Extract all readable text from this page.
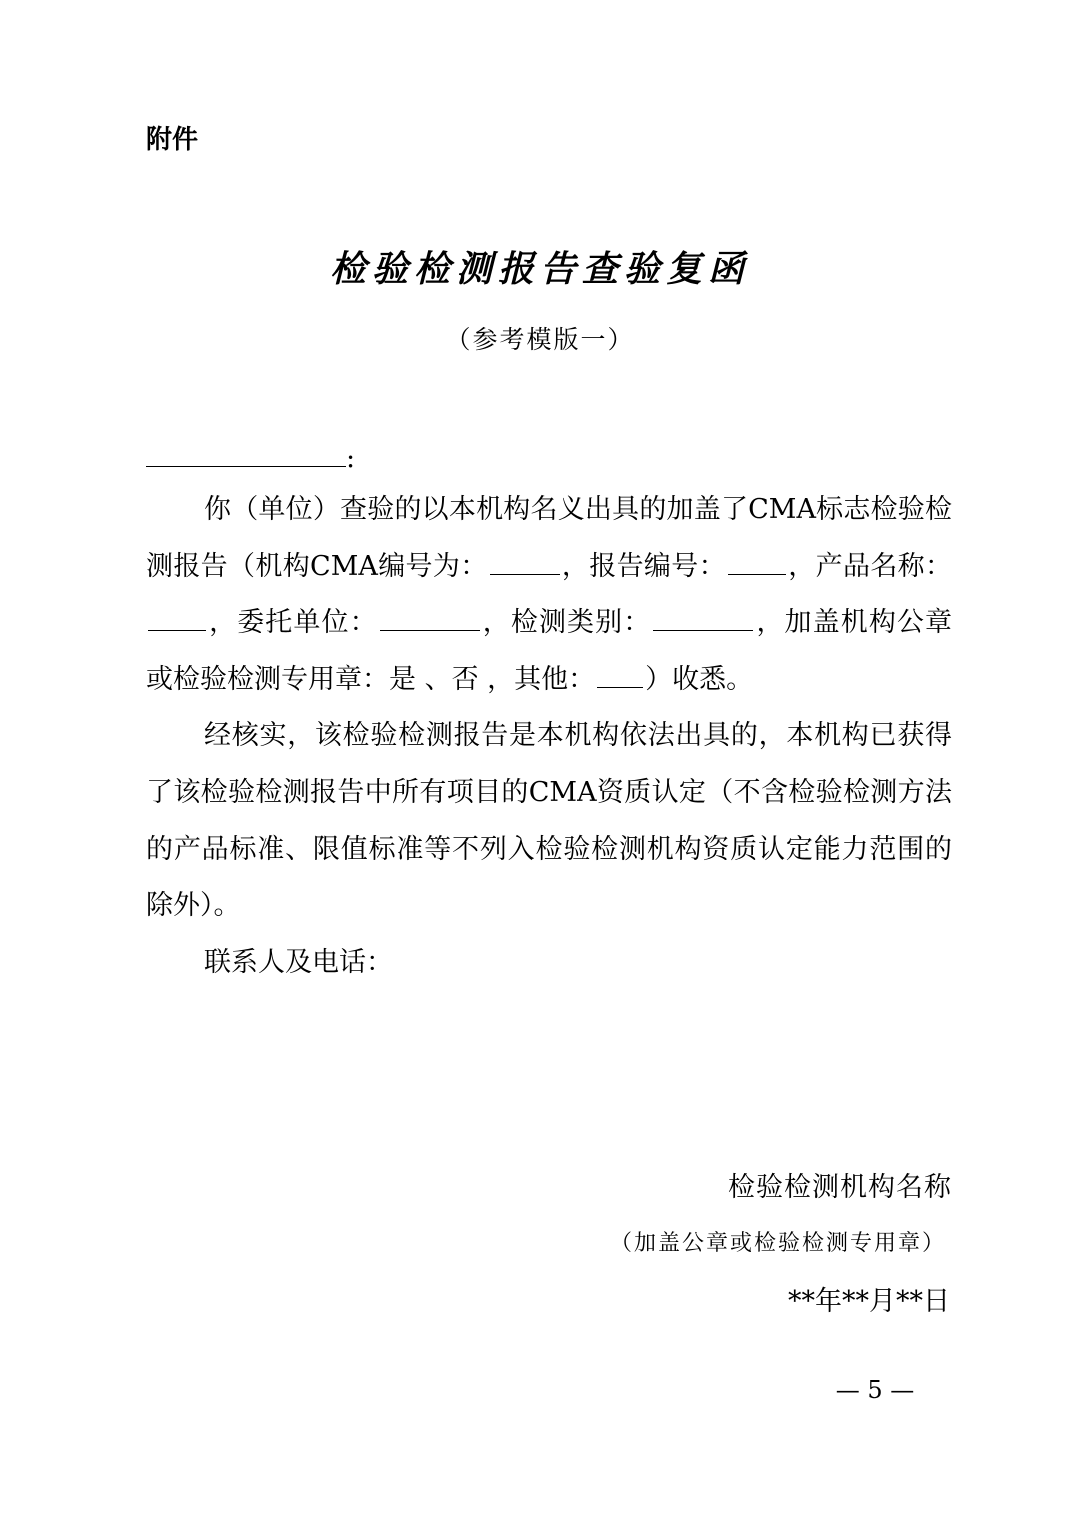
附件
检验检测报告查验复函
（参考模版一）
:

你（单位）查验的以本机构名义出具的加盖了CMA标志检验检测报告（机构CMA编号为：	，报告编号： ，产品名称：，委托单位：	，检测类别：	，加盖机构公章或检验检测专用章：是 、否 ，其他： ）收悉。

经核实，该检验检测报告是本机构依法出具的，本机构已获得了该检验检测报告中所有项目的CMA资质认定（不含检验检测方法的产品标准、限值标准等不列入检验检测机构资质认定能力范围的除外）。

联系人及电话：

检验检测机构名称
（加盖公章或检验检测专用章）
**年**月**日
— 5 —
